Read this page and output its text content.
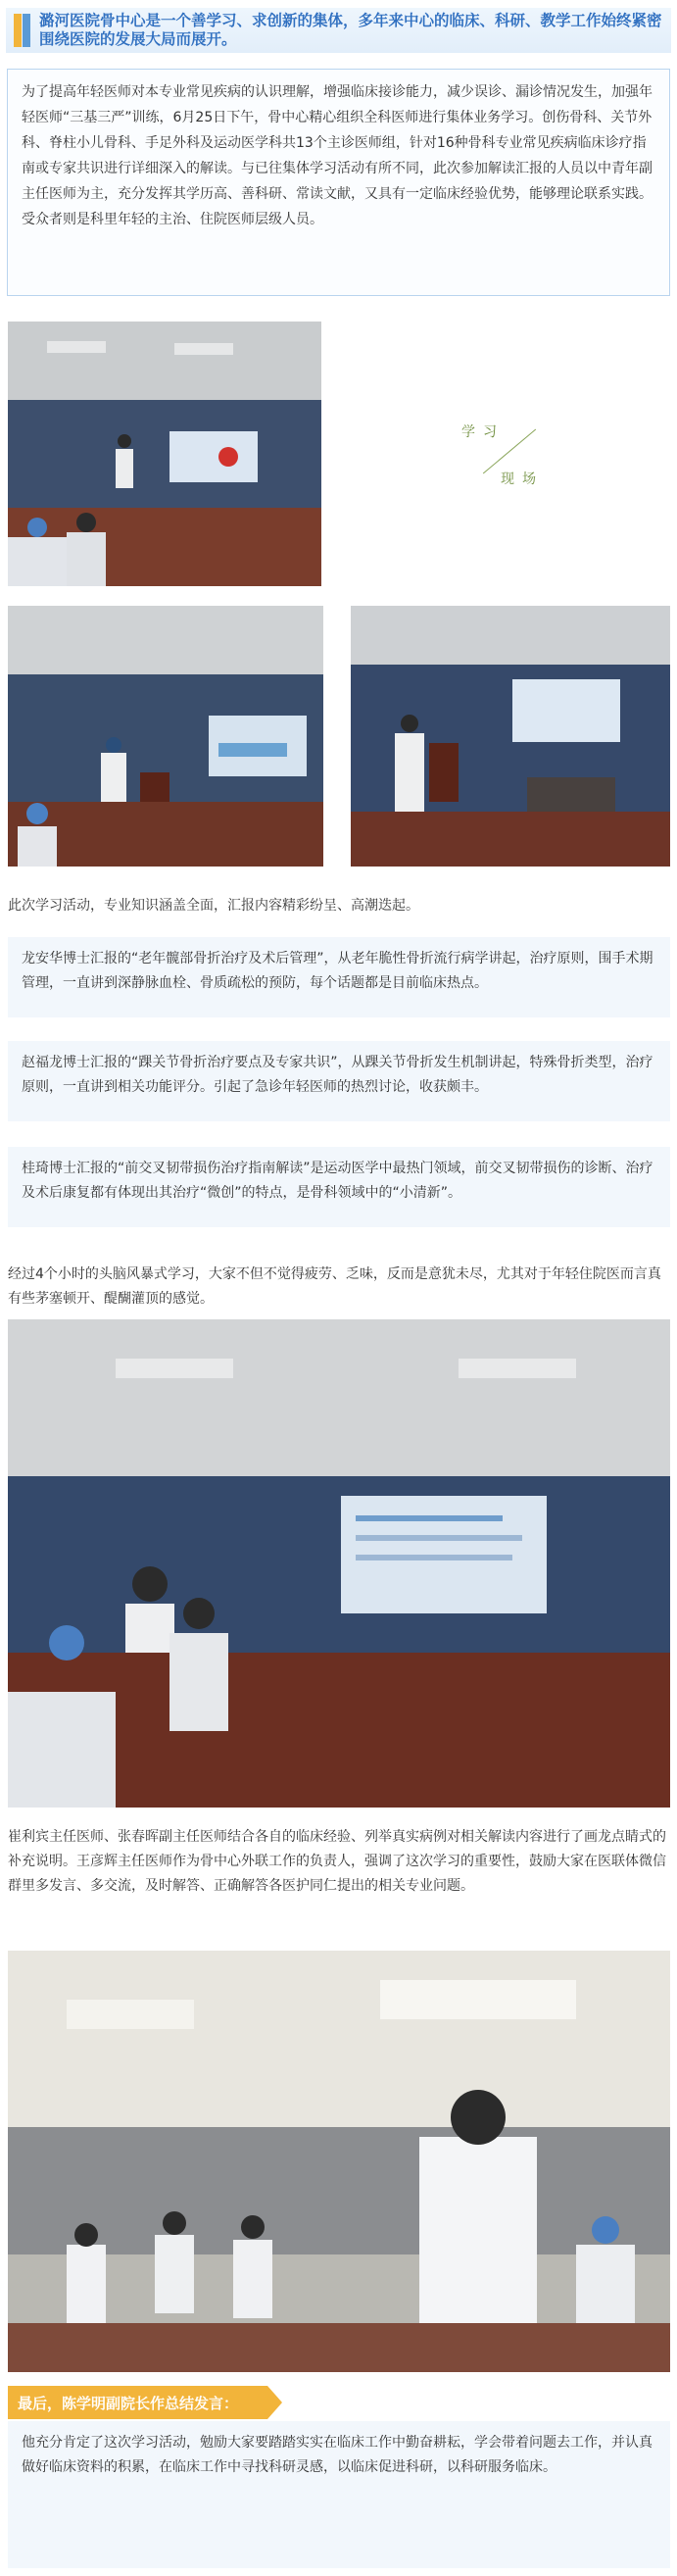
潞河医院骨中心是一个善学习、求创新的集体，多年来中心的临床、科研、教学工作始终紧密围绕医院的发展大局而展开。

为了提高年轻医师对本专业常见疾病的认识理解，增强临床接诊能力，减少误诊、漏诊情况发生，加强年轻医师“三基三严”训练，6月25日下午，骨中心精心组织全科医师进行集体业务学习。创伤骨科、关节外科、脊柱小儿骨科、手足外科及运动医学科共13个主诊医师组，针对16种骨科专业常见疾病临床诊疗指南或专家共识进行详细深入的解读。与已往集体学习活动有所不同，此次参加解读汇报的人员以中青年副主任医师为主，充分发挥其学历高、善科研、常读文献，又具有一定临床经验优势，能够理论联系实践。受众者则是科里年轻的主治、住院医师层级人员。

学习
现场
此次学习活动，专业知识涵盖全面，汇报内容精彩纷呈、高潮迭起。
龙安华博士汇报的“老年髋部骨折治疗及术后管理”，从老年脆性骨折流行病学讲起，治疗原则，围手术期管理，一直讲到深静脉血栓、骨质疏松的预防，每个话题都是目前临床热点。
赵福龙博士汇报的“踝关节骨折治疗要点及专家共识”，从踝关节骨折发生机制讲起，特殊骨折类型，治疗原则，一直讲到相关功能评分。引起了急诊年轻医师的热烈讨论，收获颇丰。
桂琦博士汇报的“前交叉韧带损伤治疗指南解读”是运动医学中最热门领域，前交叉韧带损伤的诊断、治疗及术后康复都有体现出其治疗“微创”的特点，是骨科领域中的“小清新”。
经过4个小时的头脑风暴式学习，大家不但不觉得疲劳、乏味，反而是意犹未尽，尤其对于年轻住院医而言真有些茅塞顿开、醍醐灌顶的感觉。
崔利宾主任医师、张春晖副主任医师结合各自的临床经验、列举真实病例对相关解读内容进行了画龙点睛式的补充说明。王彦辉主任医师作为骨中心外联工作的负责人，强调了这次学习的重要性，鼓励大家在医联体微信群里多发言、多交流，及时解答、正确解答各医护同仁提出的相关专业问题。
最后，陈学明副院长作总结发言：
他充分肯定了这次学习活动，勉励大家要踏踏实实在临床工作中勤奋耕耘，学会带着问题去工作，并认真做好临床资料的积累，在临床工作中寻找科研灵感，以临床促进科研，以科研服务临床。
